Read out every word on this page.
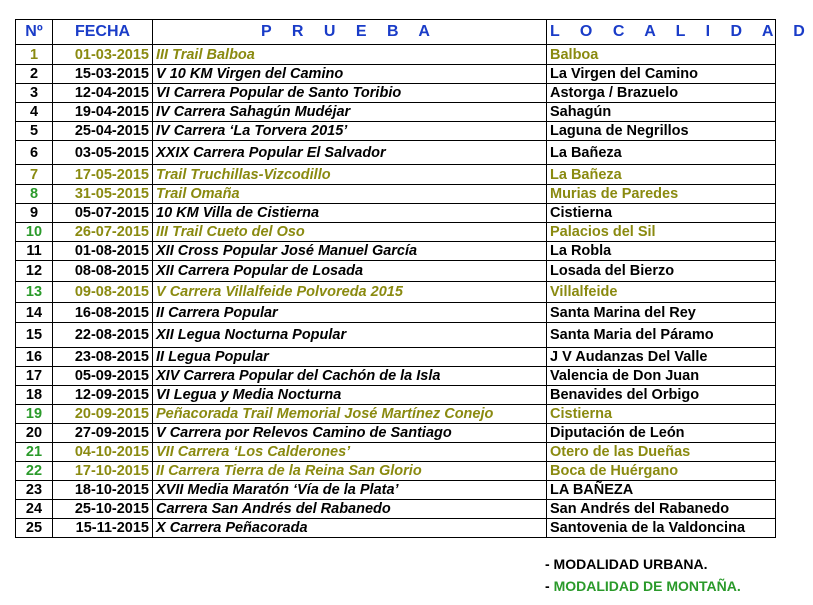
Nº	FECHA	P R U E B A	L O C A L I D A D
1	01-03-2015	III Trail Balboa	Balboa
2	15-03-2015	V 10 KM Virgen del Camino	La Virgen del Camino
3	12-04-2015	VI Carrera Popular de Santo Toribio	Astorga / Brazuelo
4	19-04-2015	IV Carrera Sahagún Mudéjar	Sahagún
5	25-04-2015	IV Carrera ‘La Torvera 2015’	Laguna de Negrillos
6	03-05-2015	XXIX Carrera Popular El Salvador	La Bañeza
7	17-05-2015	Trail Truchillas-Vizcodillo	La Bañeza
8	31-05-2015	Trail Omaña	Murias de Paredes
9	05-07-2015	10 KM Villa de Cistierna	Cistierna
10	26-07-2015	III Trail Cueto del Oso	Palacios del Sil
11	01-08-2015	XII Cross Popular José Manuel García	La Robla
12	08-08-2015	XII Carrera Popular de Losada	Losada del Bierzo
13	09-08-2015	V Carrera Villalfeide Polvoreda 2015	Villalfeide
14	16-08-2015	II Carrera Popular	Santa Marina del Rey
15	22-08-2015	XII Legua Nocturna Popular	Santa Maria del Páramo
16	23-08-2015	II Legua Popular	J V Audanzas Del Valle
17	05-09-2015	XIV Carrera Popular del Cachón de la Isla	Valencia de Don Juan
18	12-09-2015	VI Legua y Media Nocturna	Benavides del Orbigo
19	20-09-2015	Peñacorada Trail Memorial José Martínez Conejo	Cistierna
20	27-09-2015	V Carrera por Relevos Camino de Santiago	Diputación de León
21	04-10-2015	VII Carrera ‘Los Calderones’	Otero de las Dueñas
22	17-10-2015	II Carrera Tierra de la Reina San Glorio	Boca de Huérgano
23	18-10-2015	XVII Media Maratón ‘Vía de la Plata’	LA BAÑEZA
24	25-10-2015	Carrera San Andrés del Rabanedo	San Andrés del Rabanedo
25	15-11-2015	X Carrera Peñacorada	Santovenia de la Valdoncina
- MODALIDAD URBANA.
- MODALIDAD DE MONTAÑA.
